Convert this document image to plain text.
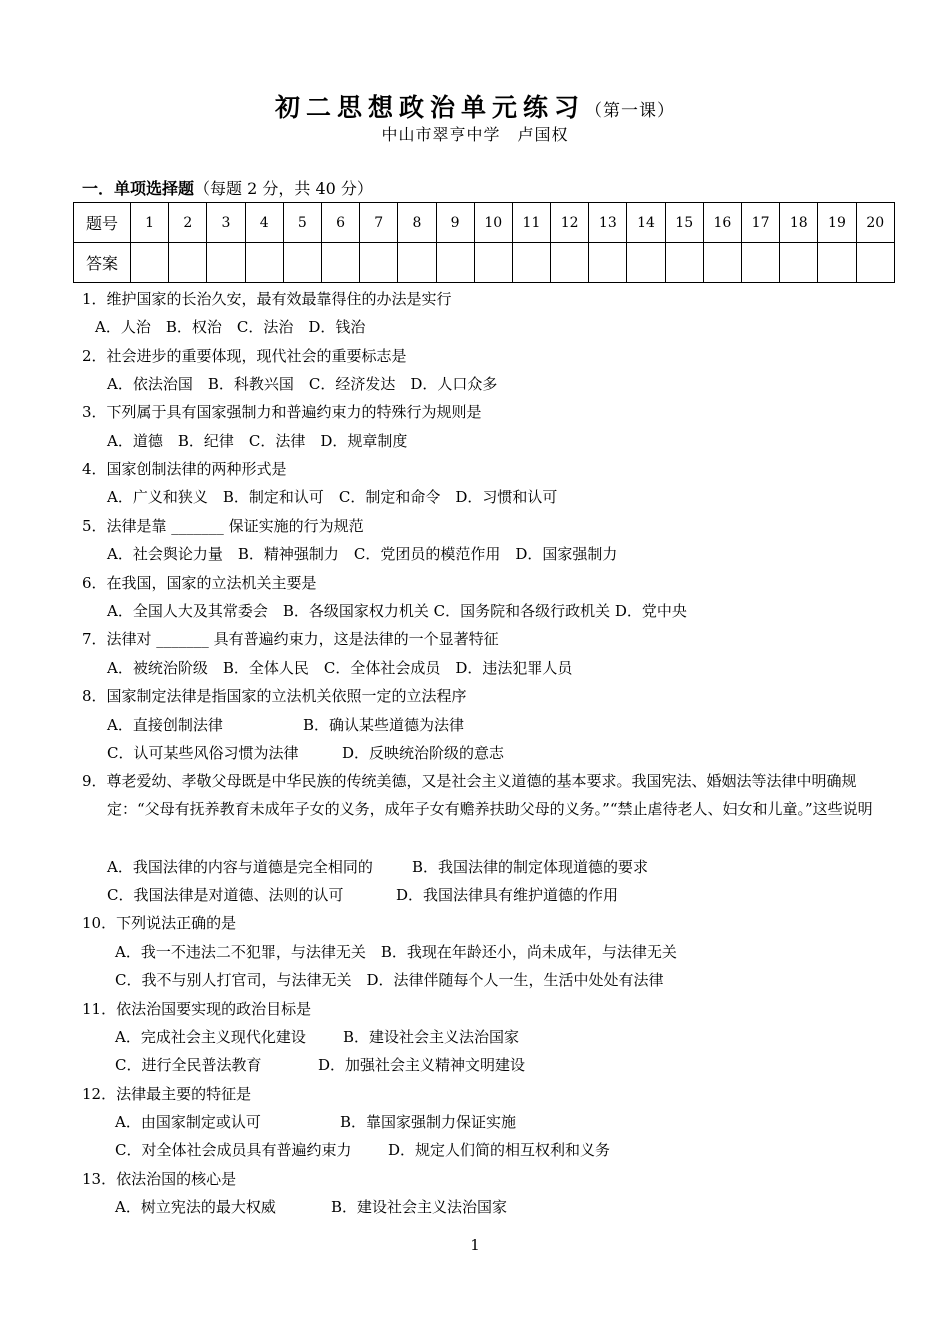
初二思想政治单元练习（第一课）
中山市翠亨中学　卢国权
一．单项选择题（每题 2 分，共 40 分）
题号	1	2	3	4	5	6	7	8	9	10	11	12	13	14	15	16	17	18	19	20
答案																				
1．维护国家的长治久安，最有效最靠得住的办法是实行
A．人治　B．权治　C．法治　D．钱治
2．社会进步的重要体现，现代社会的重要标志是
A．依法治国　B．科教兴国　C．经济发达　D．人口众多
3．下列属于具有国家强制力和普遍约束力的特殊行为规则是
A．道德　B．纪律　C．法律　D．规章制度
4．国家创制法律的两种形式是
A．广义和狭义　B．制定和认可　C．制定和命令　D．习惯和认可
5．法律是靠 _______ 保证实施的行为规范
A．社会舆论力量　B．精神强制力　C．党团员的模范作用　D．国家强制力
6．在我国，国家的立法机关主要是
A．全国人大及其常委会　B．各级国家权力机关 C．国务院和各级行政机关 D．党中央
7．法律对 _______ 具有普遍约束力，这是法律的一个显著特征
A．被统治阶级　B．全体人民　C．全体社会成员　D．违法犯罪人员
8．国家制定法律是指国家的立法机关依照一定的立法程序
A．直接创制法律	B．确认某些道德为法律
C．认可某些风俗习惯为法律	D．反映统治阶级的意志
9．尊老爱幼、孝敬父母既是中华民族的传统美德，又是社会主义道德的基本要求。我国宪法、婚姻法等法律中明确规定：“父母有抚养教育未成年子女的义务，成年子女有赡养扶助父母的义务。”“禁止虐待老人、妇女和儿童。”这些说明
A．我国法律的内容与道德是完全相同的	B．我国法律的制定体现道德的要求
C．我国法律是对道德、法则的认可	D．我国法律具有维护道德的作用
10．下列说法正确的是
A．我一不违法二不犯罪，与法律无关　B．我现在年龄还小，尚未成年，与法律无关
C．我不与别人打官司，与法律无关　D．法律伴随每个人一生，生活中处处有法律
11．依法治国要实现的政治目标是
A．完成社会主义现代化建设 B．建设社会主义法治国家
C．进行全民普法教育	D．加强社会主义精神文明建设
12．法律最主要的特征是
A．由国家制定或认可	B．靠国家强制力保证实施
C．对全体社会成员具有普遍约束力 D．规定人们简的相互权利和义务
13．依法治国的核心是
A．树立宪法的最大权威	B．建设社会主义法治国家
1
